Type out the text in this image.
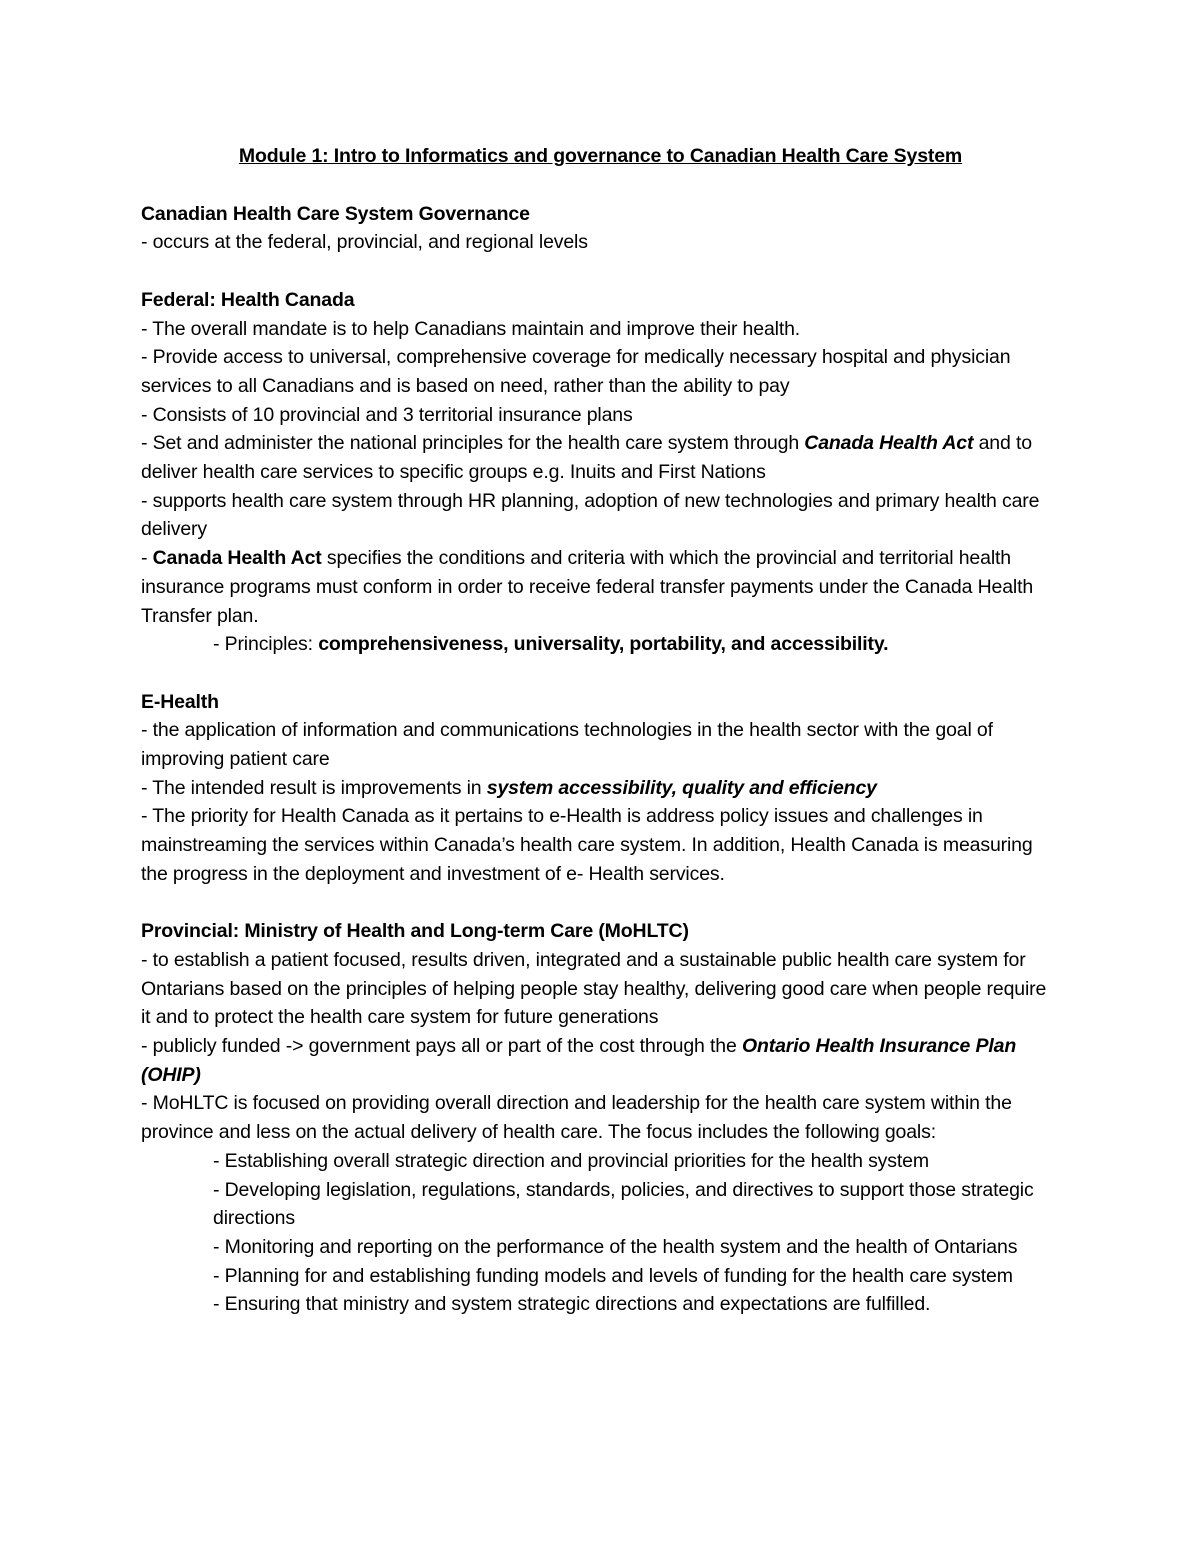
Module 1: Intro to Informatics and governance to Canadian Health Care System

Canadian Health Care System Governance

- occurs at the federal, provincial, and regional levels

Federal: Health Canada

- The overall mandate is to help Canadians maintain and improve their health.

- Provide access to universal, comprehensive coverage for medically necessary hospital and physician services to all Canadians and is based on need, rather than the ability to pay

- Consists of 10 provincial and 3 territorial insurance plans

- Set and administer the national principles for the health care system through Canada Health Act and to deliver health care services to specific groups e.g. Inuits and First Nations

- supports health care system through HR planning, adoption of new technologies and primary health care delivery

- Canada Health Act specifies the conditions and criteria with which the provincial and territorial health insurance programs must conform in order to receive federal transfer payments under the Canada Health Transfer plan.

- Principles: comprehensiveness, universality, portability, and accessibility.

E-Health

- the application of information and communications technologies in the health sector with the goal of improving patient care

- The intended result is improvements in system accessibility, quality and efficiency

- The priority for Health Canada as it pertains to e-Health is address policy issues and challenges in mainstreaming the services within Canada’s health care system. In addition, Health Canada is measuring the progress in the deployment and investment of e- Health services.

Provincial: Ministry of Health and Long-term Care (MoHLTC)

- to establish a patient focused, results driven, integrated and a sustainable public health care system for Ontarians based on the principles of helping people stay healthy, delivering good care when people require it and to protect the health care system for future generations

- publicly funded -> government pays all or part of the cost through the Ontario Health Insurance Plan (OHIP)

- MoHLTC is focused on providing overall direction and leadership for the health care system within the province and less on the actual delivery of health care. The focus includes the following goals:

- Establishing overall strategic direction and provincial priorities for the health system

- Developing legislation, regulations, standards, policies, and directives to support those strategic directions

- Monitoring and reporting on the performance of the health system and the health of Ontarians

- Planning for and establishing funding models and levels of funding for the health care system

- Ensuring that ministry and system strategic directions and expectations are fulfilled.
